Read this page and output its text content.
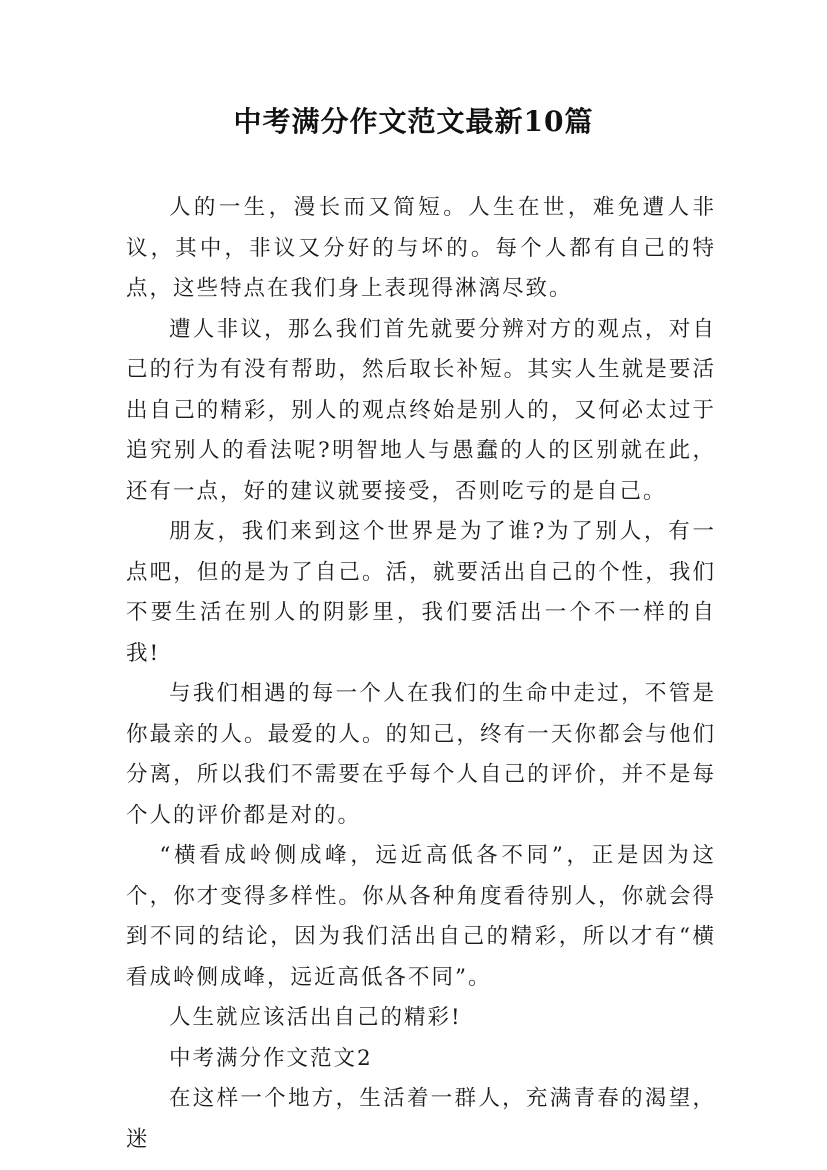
中考满分作文范文最新10篇

人的一生，漫长而又简短。人生在世，难免遭人非议，其中，非议又分好的与坏的。每个人都有自己的特点，这些特点在我们身上表现得淋漓尽致。

遭人非议，那么我们首先就要分辨对方的观点，对自己的行为有没有帮助，然后取长补短。其实人生就是要活出自己的精彩，别人的观点终始是别人的，又何必太过于追究别人的看法呢?明智地人与愚蠢的人的区别就在此，还有一点，好的建议就要接受，否则吃亏的是自己。

朋友，我们来到这个世界是为了谁?为了别人，有一点吧，但的是为了自己。活，就要活出自己的个性，我们不要生活在别人的阴影里，我们要活出一个不一样的自我!

与我们相遇的每一个人在我们的生命中走过，不管是你最亲的人。最爱的人。的知己，终有一天你都会与他们分离，所以我们不需要在乎每个人自己的评价，并不是每个人的评价都是对的。

“横看成岭侧成峰，远近高低各不同”，正是因为这个，你才变得多样性。你从各种角度看待别人，你就会得到不同的结论，因为我们活出自己的精彩，所以才有“横看成岭侧成峰，远近高低各不同”。

人生就应该活出自己的精彩!

中考满分作文范文2

在这样一个地方，生活着一群人，充满青春的渴望，迷
